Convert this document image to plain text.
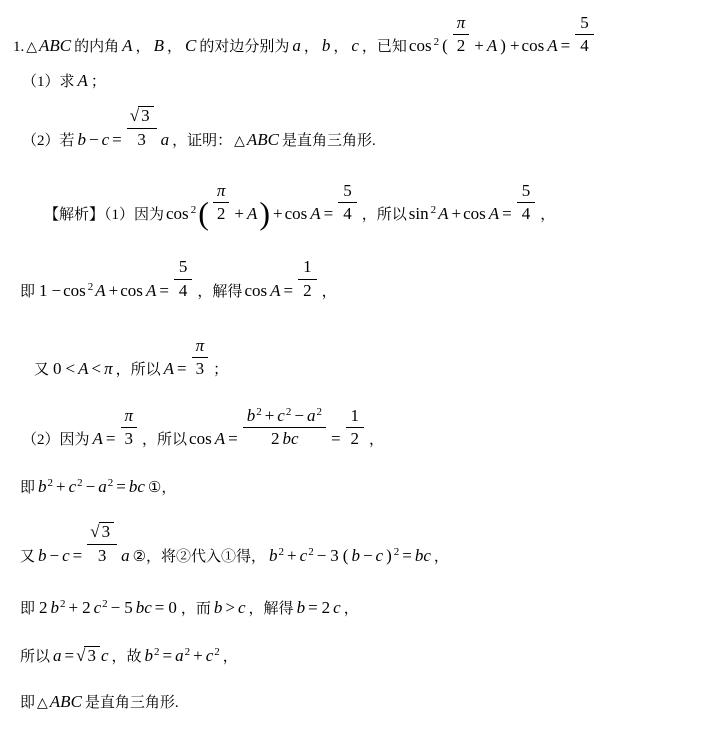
1. △ ABC 的内角 A ， B ， C 的对边分别为 a ， b ， c ，已知 cos $^2$ ( $\frac{\pi}{2} + A$ ) + $\cos A = \frac{5}{4}$
（1）求 A ；
（2）若 $b - c = \frac{√ 3}{3}$ a ，证明： △ ABC 是直角三角形.
【解析】（1）因为 $\cos ^2( \frac{\pi}{2} + A) + \cos A = \frac{5}{4}$ ，所以 sin $^2$ $A + \cos A = \frac{5}{4}$ ，
即 1 − cos $^2$ $A + \cos A = \frac{5}{4}$ ，解得 $\cos A = \frac{1}{2}$ ，
又 0 < A < π ，所以 $A = \frac{\pi}{3}$ ；
（2）因为 $A = \frac{\pi}{3}$ ，所以 $\cos A = \frac{b^2 + c^2 - a^2}{2 bc} = \frac{1}{2}$ ，
即 $b^2 + c^2 - a^2$ = bc ①，
又 $b - c = \frac{√ 3}{3}$ a ②，将②代入①得， $b^2 + c^2 - 3$ ( b − c ) $^2$ = bc ，
即 2 $b^2 + 2$ $c^2 - 5$ bc = 0 ，而 b > c ，解得 b = 2 c ，
所以 a = √ 3 c ，故 $b^2 = a^2 + c^2$ ，
即 △ ABC 是直角三角形.
